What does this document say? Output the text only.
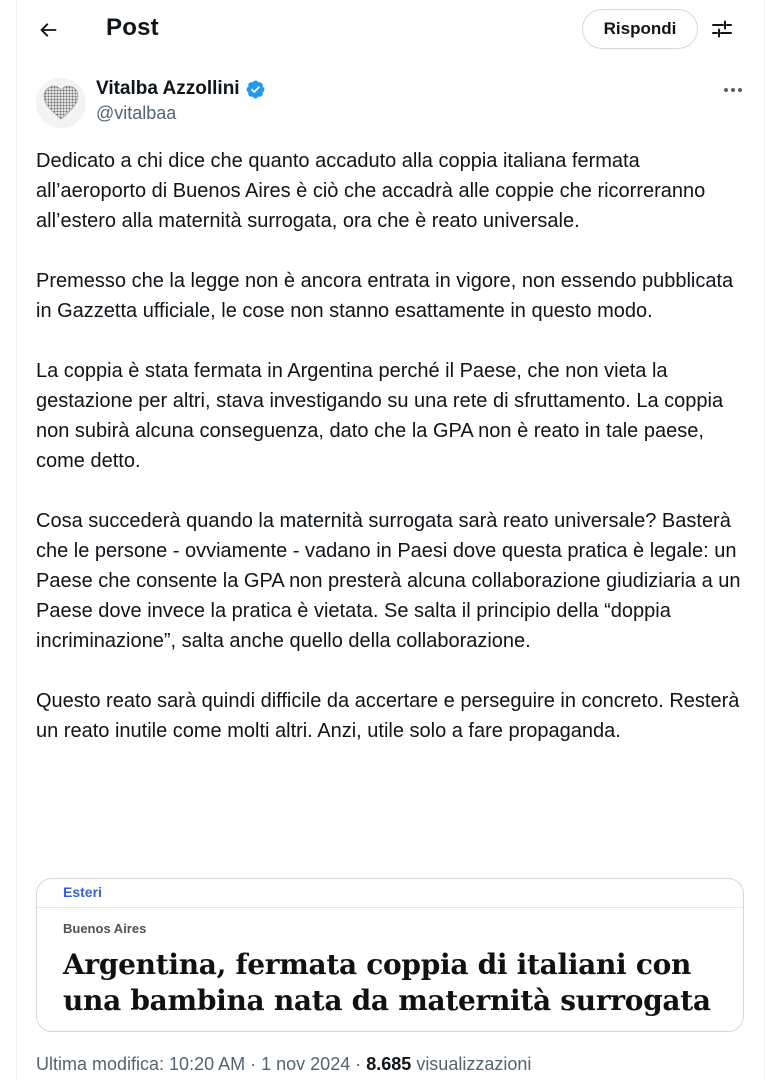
Post	Rispondi
Vitalba Azzollini
@vitalbaa

Dedicato a chi dice che quanto accaduto alla coppia italiana fermata all’aeroporto di Buenos Aires è ciò che accadrà alle coppie che ricorreranno all’estero alla maternità surrogata, ora che è reato universale.

Premesso che la legge non è ancora entrata in vigore, non essendo pubblicata in Gazzetta ufficiale, le cose non stanno esattamente in questo modo.

La coppia è stata fermata in Argentina perché il Paese, che non vieta la gestazione per altri, stava investigando su una rete di sfruttamento. La coppia non subirà alcuna conseguenza, dato che la GPA non è reato in tale paese, come detto.

Cosa succederà quando la maternità surrogata sarà reato universale? Basterà che le persone - ovviamente - vadano in Paesi dove questa pratica è legale: un Paese che consente la GPA non presterà alcuna collaborazione giudiziaria a un Paese dove invece la pratica è vietata. Se salta il principio della “doppia incriminazione”, salta anche quello della collaborazione.

Questo reato sarà quindi difficile da accertare e perseguire in concreto. Resterà un reato inutile come molti altri. Anzi, utile solo a fare propaganda.

Esteri
Buenos Aires
Argentina, fermata coppia di italiani con una bambina nata da maternità surrogata
Ultima modifica: 10:20 AM · 1 nov 2024 · 8.685 visualizzazioni
